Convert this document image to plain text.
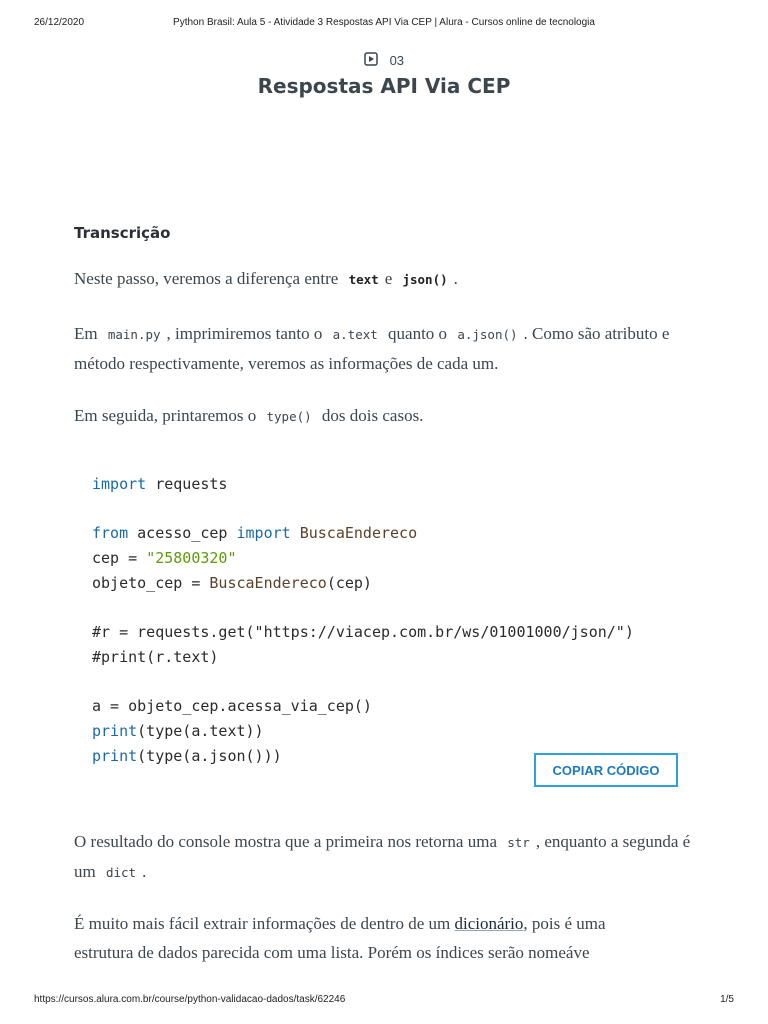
26/12/2020	Python Brasil: Aula 5 - Atividade 3 Respostas API Via CEP | Alura - Cursos online de tecnologia
03
Respostas API Via CEP
Transcrição

Neste passo, veremos a diferença entre text e json() .

Em main.py , imprimiremos tanto o a.text quanto o a.json() . Como são atributo e método respectivamente, veremos as informações de cada um.

Em seguida, printaremos o type() dos dois casos.

import requests

from acesso_cep import BuscaEndereco
cep = "25800320"
objeto_cep = BuscaEndereco(cep)

#r = requests.get("https://viacep.com.br/ws/01001000/json/")
#print(r.text)

a = objeto_cep.acessa_via_cep()
print(type(a.text))
print(type(a.json()))
COPIAR CÓDIGO

O resultado do console mostra que a primeira nos retorna uma str , enquanto a segunda é um dict .

É muito mais fácil extrair informações de dentro de um dicionário, pois é uma
estrutura de dados parecida com uma lista. Porém os índices serão nomeáve

https://cursos.alura.com.br/course/python-validacao-dados/task/62246	1/5
